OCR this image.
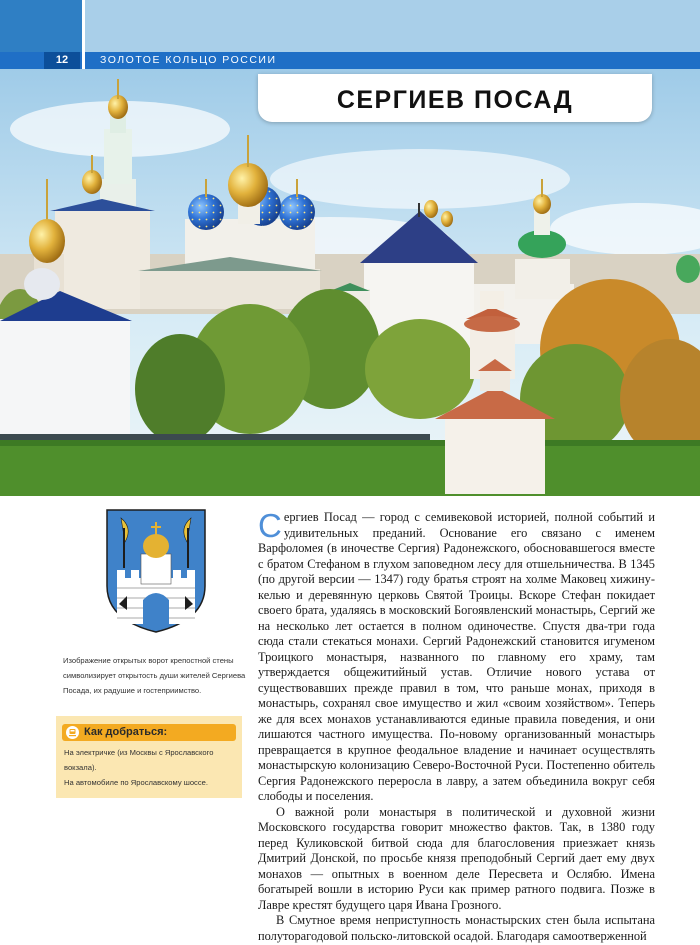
12	ЗОЛОТОЕ КОЛЬЦО РОССИИ
СЕРГИЕВ ПОСАД
Изображение открытых ворот крепостной стены символизирует открытость души жителей Сергиева Посада, их радушие и гостеприимство.
Как добраться:
На электричке (из Москвы с Ярославского вокзала).
На автомобиле по Ярославскому шоссе.

Сергиев Посад — город с семивековой историей, полной событий и удивительных преданий. Основание его связано с именем Варфоломея (в иночестве Сергия) Радонежского, обосновавшегося вместе с братом Стефаном в глухом заповедном лесу для отшельничества. В 1345 (по другой версии — 1347) году братья строят на холме Маковец хижину-келью и деревянную церковь Святой Троицы. Вскоре Стефан покидает своего брата, удаляясь в московский Богоявленский монастырь, Сергий же на несколько лет остается в полном одиночестве. Спустя два-три года сюда стали стекаться монахи. Сергий Радонежский становится игуменом Троицкого монастыря, названного по главному его храму, там утверждается общежитийный устав. Отличие нового устава от существовавших прежде правил в том, что раньше монах, приходя в монастырь, сохранял свое имущество и жил «своим хозяйством». Теперь же для всех монахов устанавливаются единые правила поведения, и они лишаются частного имущества. По-новому организованный монастырь превращается в крупное феодальное владение и начинает осуществлять монастырскую колонизацию Северо-Восточной Руси. Постепенно обитель Сергия Радонежского переросла в лавру, а затем объединила вокруг себя слободы и поселения.

О важной роли монастыря в политической и духовной жизни Московского государства говорит множество фактов. Так, в 1380 году перед Куликовской битвой сюда для благословения приезжает князь Дмитрий Донской, по просьбе князя преподобный Сергий дает ему двух монахов — опытных в военном деле Пересвета и Ослябю. Имена богатырей вошли в историю Руси как пример ратного подвига. Позже в Лавре крестят будущего царя Ивана Грозного.

В Смутное время неприступность монастырских стен была испытана полуторагодовой польско-литовской осадой. Благодаря самоотверженной
